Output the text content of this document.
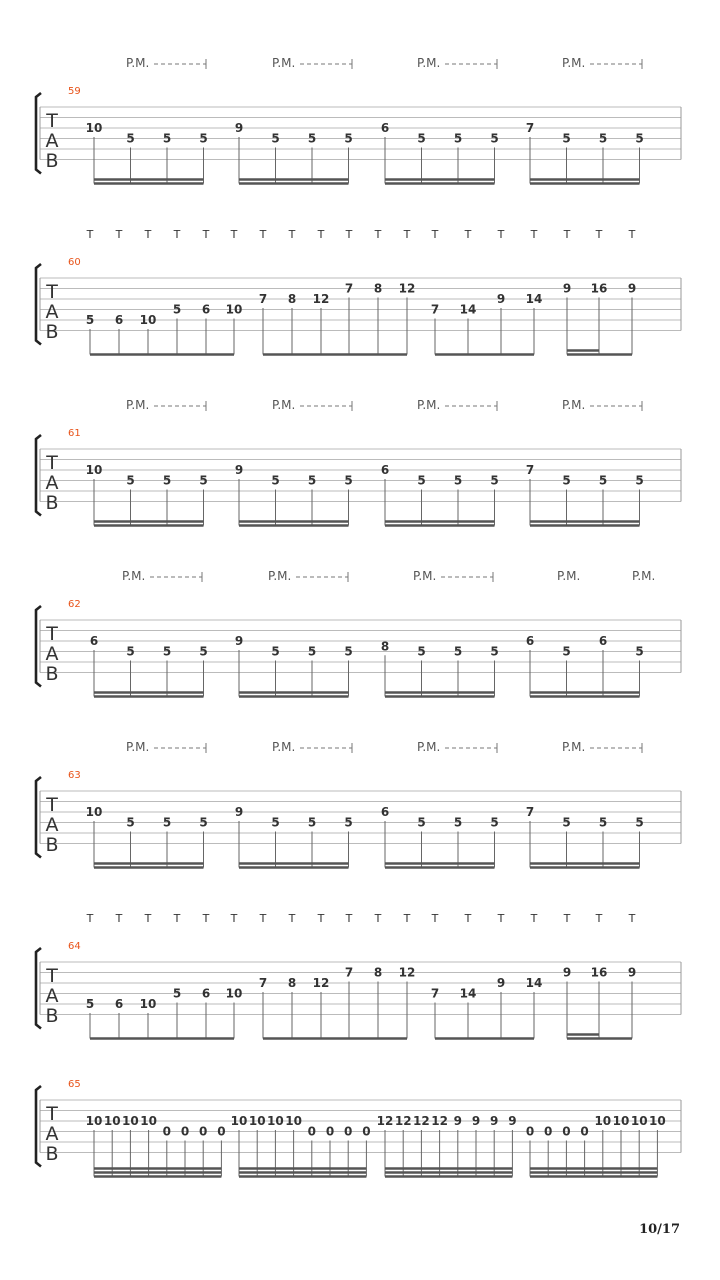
T
A
B
59
P.M.	P.M.	P.M.	P.M.
10
5 5 5
9
5 5 5
6
5 5 5
7
5 5 5
T
A
B
60
5
T
6
T
10
T
5
T
6
T
10
T
7
T
8
T
12
T
7
T
8
T
12
T
7
T
14
T
9
T
14
T
9
T
16
T
9
T
T
A
B
61
P.M.	P.M.	P.M.	P.M.
10
5 5 5
9
5 5 5
6
5 5 5
7
5 5 5
T
A
B
62
P.M.	P.M.	P.M.	P.M.	P.M.
6
5 5 5
9
5 5 5 8 5 5 5
6
5
6
5
T
A
B
63
P.M.	P.M.	P.M.	P.M.
10
5 5 5
9
5 5 5
6
5 5 5
7
5 5 5
T
A
B
64
5
T
6
T
10
T
5
T
6
T
10
T
7
T
8
T
12
T
7
T
8
T
12
T
7
T
14
T
9
T
14
T
9
T
16
T
9
T
T
A
B
65
10 10 10 10
0 0 0 0
10 10 10 10
0 0 0 0
12 12 12 12 9 9 9 9
0 0 0 0
10 10 10 10
10/17
